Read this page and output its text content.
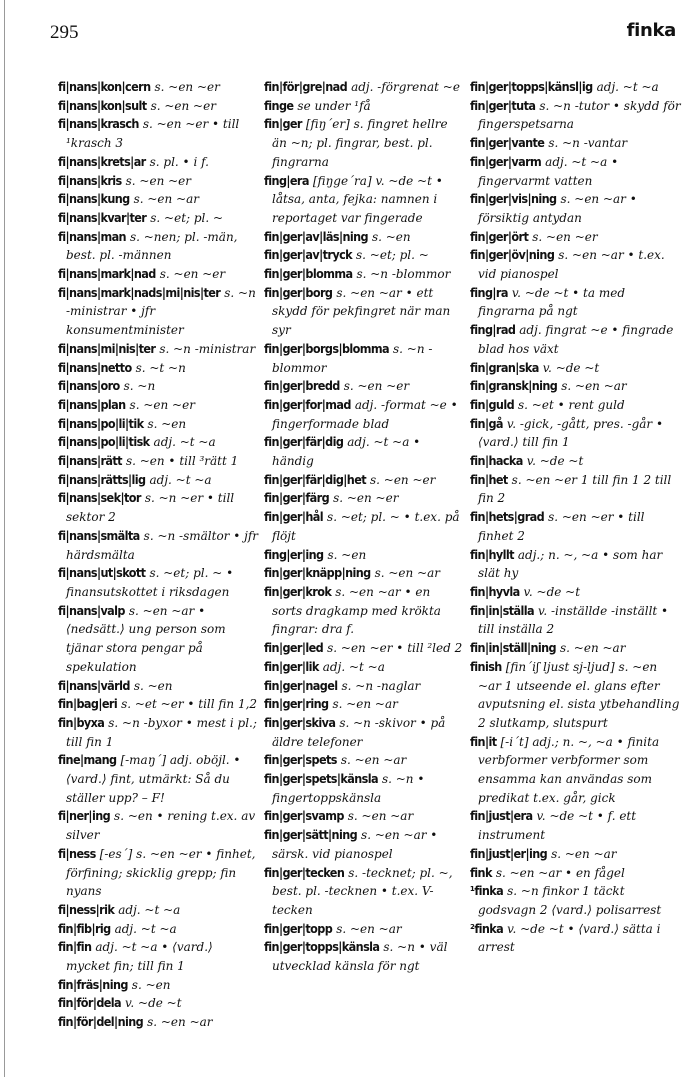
295	finka

fi|nans|kon|cern s. ~en ~er

fi|nans|kon|sult s. ~en ~er

fi|nans|krasch s. ~en ~er • till ¹krasch 3

fi|nans|krets|ar s. pl. • i f.

fi|nans|kris s. ~en ~er

fi|nans|kung s. ~en ~ar

fi|nans|kvar|ter s. ~et; pl. ~

fi|nans|man s. ~nen; pl. -män, best. pl. -männen

fi|nans|mark|nad s. ~en ~er

fi|nans|mark|nads|mi|nis|ter s. ~n -ministrar • jfr konsumentminister

fi|nans|mi|nis|ter s. ~n -ministrar

fi|nans|netto s. ~t ~n

fi|nans|oro s. ~n

fi|nans|plan s. ~en ~er

fi|nans|po|li|tik s. ~en

fi|nans|po|li|tisk adj. ~t ~a

fi|nans|rätt s. ~en • till ³rätt 1

fi|nans|rätts|lig adj. ~t ~a

fi|nans|sek|tor s. ~n ~er • till sektor 2

fi|nans|smälta s. ~n -smältor • jfr härdsmälta

fi|nans|ut|skott s. ~et; pl. ~ • finansutskottet i riksdagen

fi|nans|valp s. ~en ~ar • ⟨nedsätt.⟩ ung person som tjänar stora pengar på spekulation

fi|nans|värld s. ~en

fin|bag|eri s. ~et ~er • till fin 1,2

fin|byxa s. ~n -byxor • mest i pl.; till fin 1

fine|mang [-maŋ´] adj. oböjl. • ⟨vard.⟩ fint, utmärkt: Så du ställer upp? – F!

fi|ner|ing s. ~en • rening t.ex. av silver

fi|ness [-es´] s. ~en ~er • finhet, förfining; skicklig grepp; fin nyans

fi|ness|rik adj. ~t ~a

fin|fib|rig adj. ~t ~a

fin|fin adj. ~t ~a • ⟨vard.⟩ mycket fin; till fin 1

fin|fräs|ning s. ~en

fin|för|dela v. ~de ~t

fin|för|del|ning s. ~en ~ar

fin|för|gre|nad adj. -förgrenat ~e

finge se under ¹få

fin|ger [fiŋ´er] s. fingret hellre än ~n; pl. fingrar, best. pl. fingrarna

fing|era [fiŋge´ra] v. ~de ~t • låtsa, anta, fejka: namnen i reportaget var fingerade

fin|ger|av|läs|ning s. ~en

fin|ger|av|tryck s. ~et; pl. ~

fin|ger|blomma s. ~n -blommor

fin|ger|borg s. ~en ~ar • ett skydd för pekfingret när man syr

fin|ger|borgs|blomma s. ~n -blommor

fin|ger|bredd s. ~en ~er

fin|ger|for|mad adj. -format ~e • fingerformade blad

fin|ger|fär|dig adj. ~t ~a • händig

fin|ger|fär|dig|het s. ~en ~er

fin|ger|färg s. ~en ~er

fin|ger|hål s. ~et; pl. ~ • t.ex. på flöjt

fing|er|ing s. ~en

fin|ger|knäpp|ning s. ~en ~ar

fin|ger|krok s. ~en ~ar • en sorts dragkamp med krökta fingrar: dra f.

fin|ger|led s. ~en ~er • till ²led 2

fin|ger|lik adj. ~t ~a

fin|ger|nagel s. ~n -naglar

fin|ger|ring s. ~en ~ar

fin|ger|skiva s. ~n -skivor • på äldre telefoner

fin|ger|spets s. ~en ~ar

fin|ger|spets|känsla s. ~n • fingertoppskänsla

fin|ger|svamp s. ~en ~ar

fin|ger|sätt|ning s. ~en ~ar • särsk. vid pianospel

fin|ger|tecken s. -tecknet; pl. ~, best. pl. -tecknen • t.ex. V-tecken

fin|ger|topp s. ~en ~ar

fin|ger|topps|känsla s. ~n • väl utvecklad känsla för ngt

fin|ger|topps|känsl|ig adj. ~t ~a

fin|ger|tuta s. ~n -tutor • skydd för fingerspetsarna

fin|ger|vante s. ~n -vantar

fin|ger|varm adj. ~t ~a • fingervarmt vatten

fin|ger|vis|ning s. ~en ~ar • försiktig antydan

fin|ger|ört s. ~en ~er

fin|ger|öv|ning s. ~en ~ar • t.ex. vid pianospel

fing|ra v. ~de ~t • ta med fingrarna på ngt

fing|rad adj. fingrat ~e • fingrade blad hos växt

fin|gran|ska v. ~de ~t

fin|gransk|ning s. ~en ~ar

fin|guld s. ~et • rent guld

fin|gå v. -gick, -gått, pres. -går • ⟨vard.⟩ till fin 1

fin|hacka v. ~de ~t

fin|het s. ~en ~er 1 till fin 1 2 till fin 2

fin|hets|grad s. ~en ~er • till finhet 2

fin|hyllt adj.; n. ~, ~a • som har slät hy

fin|hyvla v. ~de ~t

fin|in|ställa v. -inställde -inställt • till inställa 2

fin|in|ställ|ning s. ~en ~ar

finish [fin´iʃ ljust sj-ljud] s. ~en ~ar 1 utseende el. glans efter avputsning el. sista ytbehandling 2 slutkamp, slutspurt

fin|it [-i´t] adj.; n. ~, ~a • finita verbformer verbformer som ensamma kan användas som predikat t.ex. går, gick

fin|just|era v. ~de ~t • f. ett instrument

fin|just|er|ing s. ~en ~ar

fink s. ~en ~ar • en fågel

¹finka s. ~n finkor 1 täckt godsvagn 2 ⟨vard.⟩ polisarrest

²finka v. ~de ~t • ⟨vard.⟩ sätta i arrest
